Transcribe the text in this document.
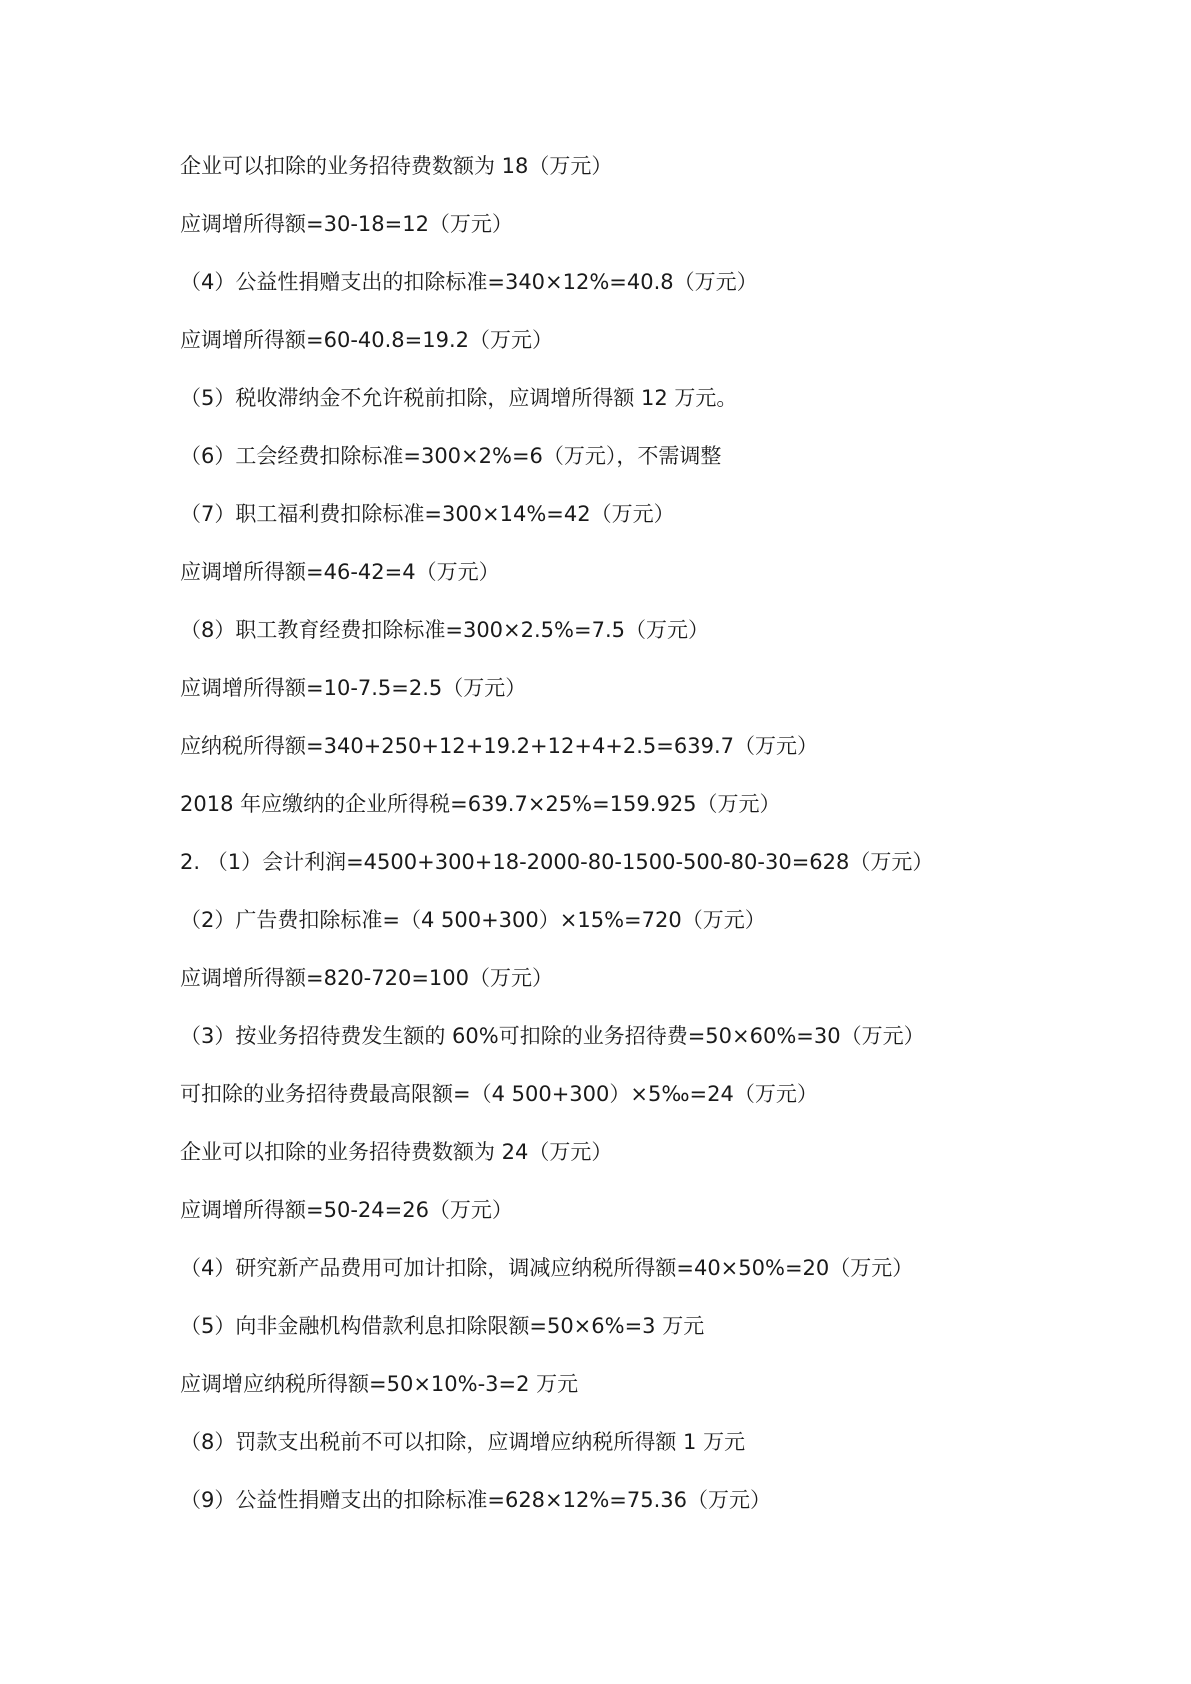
企业可以扣除的业务招待费数额为 18（万元）
应调增所得额=30-18=12（万元）
（4）公益性捐赠支出的扣除标准=340×12%=40.8（万元）
应调增所得额=60-40.8=19.2（万元）
（5）税收滞纳金不允许税前扣除，应调增所得额 12 万元。
（6）工会经费扣除标准=300×2%=6（万元），不需调整
（7）职工福利费扣除标准=300×14%=42（万元）
应调增所得额=46-42=4（万元）
（8）职工教育经费扣除标准=300×2.5%=7.5（万元）
应调增所得额=10-7.5=2.5（万元）
应纳税所得额=340+250+12+19.2+12+4+2.5=639.7（万元）
2018 年应缴纳的企业所得税=639.7×25%=159.925（万元）
2. （1）会计利润=4500+300+18-2000-80-1500-500-80-30=628（万元）
（2）广告费扣除标准=（4 500+300）×15%=720（万元）
应调增所得额=820-720=100（万元）
（3）按业务招待费发生额的 60%可扣除的业务招待费=50×60%=30（万元）
可扣除的业务招待费最高限额=（4 500+300）×5‰=24（万元）
企业可以扣除的业务招待费数额为 24（万元）
应调增所得额=50-24=26（万元）
（4）研究新产品费用可加计扣除，调减应纳税所得额=40×50%=20（万元）
（5）向非金融机构借款利息扣除限额=50×6%=3 万元
应调增应纳税所得额=50×10%-3=2 万元
（8）罚款支出税前不可以扣除，应调增应纳税所得额 1 万元
（9）公益性捐赠支出的扣除标准=628×12%=75.36（万元）
